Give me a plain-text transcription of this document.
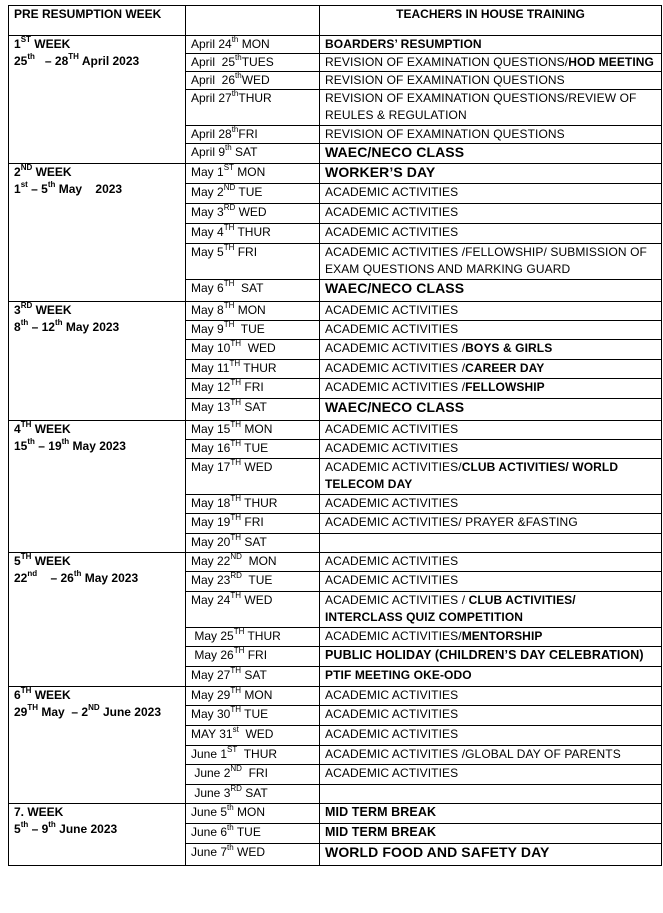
PRE RESUMPTION WEEK		TEACHERS IN HOUSE TRAINING

1ST WEEK
25th   – 28TH April 2023	April 24th MON	BOARDERS’ RESUMPTION
	April  25thTUES	REVISION OF EXAMINATION QUESTIONS/HOD MEETING
	April  26thWED	REVISION OF EXAMINATION QUESTIONS
	April 27thTHUR	REVISION OF EXAMINATION QUESTIONS/REVIEW OF REULES & REGULATION
	April 28thFRI	REVISION OF EXAMINATION QUESTIONS
	April 9th SAT	WAEC/NECO CLASS

2ND WEEK
1st – 5th May    2023	May 1ST MON	WORKER’S DAY
	May 2ND TUE	ACADEMIC ACTIVITIES
	May 3RD WED	ACADEMIC ACTIVITIES
	May 4TH THUR	ACADEMIC ACTIVITIES
	May 5TH FRI	ACADEMIC ACTIVITIES /FELLOWSHIP/ SUBMISSION OF EXAM QUESTIONS AND MARKING GUARD
	May 6TH  SAT	WAEC/NECO CLASS

3RD WEEK
8th – 12th May 2023	May 8TH MON	ACADEMIC ACTIVITIES
	May 9TH  TUE	ACADEMIC ACTIVITIES
	May 10TH  WED	ACADEMIC ACTIVITIES /BOYS & GIRLS
	May 11TH THUR	ACADEMIC ACTIVITIES /CAREER DAY
	May 12TH FRI	ACADEMIC ACTIVITIES /FELLOWSHIP
	May 13TH SAT	WAEC/NECO CLASS

4TH WEEK
15th – 19th May 2023	May 15TH MON	ACADEMIC ACTIVITIES
	May 16TH TUE	ACADEMIC ACTIVITIES
	May 17TH WED	ACADEMIC ACTIVITIES/CLUB ACTIVITIES/ WORLD TELECOM DAY
	May 18TH THUR	ACADEMIC ACTIVITIES
	May 19TH FRI	ACADEMIC ACTIVITIES/ PRAYER &FASTING
	May 20TH SAT	

5TH WEEK
22nd    – 26th May 2023	May 22ND  MON	ACADEMIC ACTIVITIES
	May 23RD  TUE	ACADEMIC ACTIVITIES
	May 24TH WED	ACADEMIC ACTIVITIES / CLUB ACTIVITIES/ INTERCLASS QUIZ COMPETITION
	May 25TH THUR	ACADEMIC ACTIVITIES/MENTORSHIP
	May 26TH FRI	PUBLIC HOLIDAY (CHILDREN’S DAY CELEBRATION)
	May 27TH SAT	PTIF MEETING OKE-ODO

6TH WEEK
29TH May  – 2ND June 2023	May 29TH MON	ACADEMIC ACTIVITIES
	May 30TH TUE	ACADEMIC ACTIVITIES
	MAY 31st  WED	ACADEMIC ACTIVITIES
	June 1ST  THUR	ACADEMIC ACTIVITIES /GLOBAL DAY OF PARENTS
	June 2ND  FRI	ACADEMIC ACTIVITIES
	June 3RD SAT	

7. WEEK
5th – 9th June 2023	June 5th MON	MID TERM BREAK
	June 6th TUE	MID TERM BREAK
	June 7th WED	WORLD FOOD AND SAFETY DAY
